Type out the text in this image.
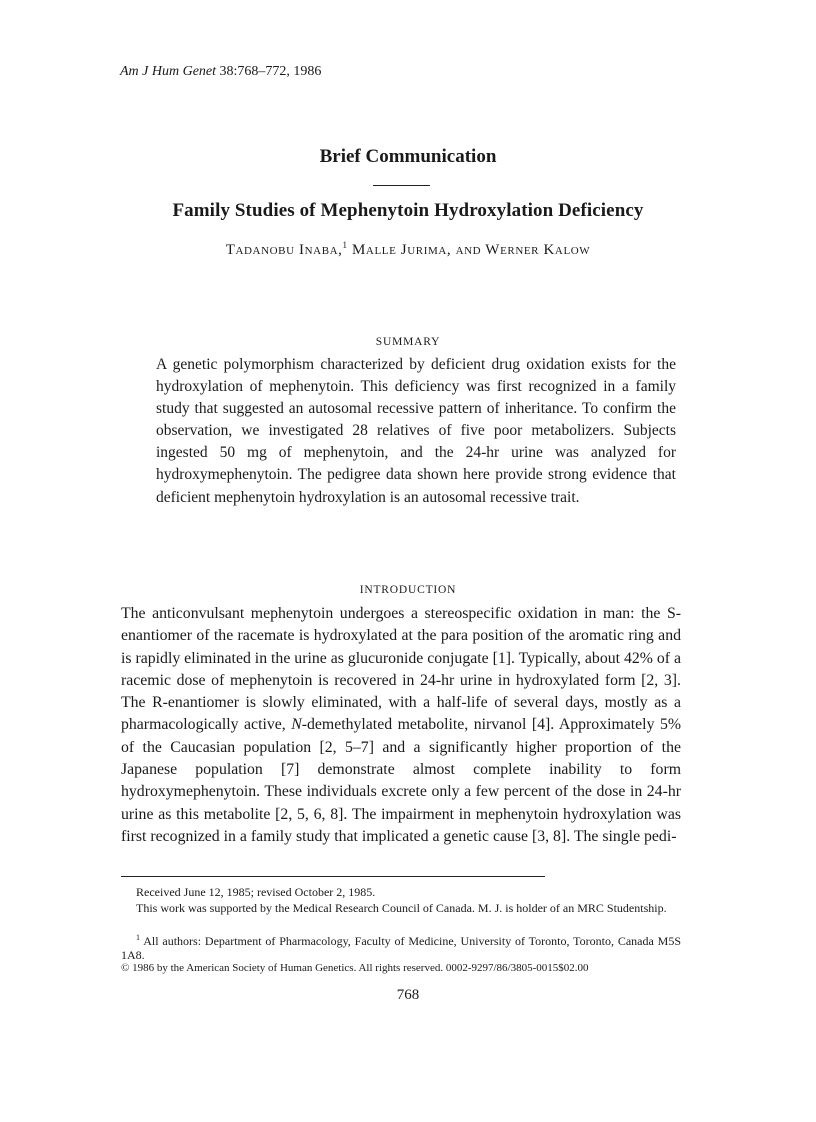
Am J Hum Genet 38:768–772, 1986
Brief Communication
Family Studies of Mephenytoin Hydroxylation Deficiency
Tadanobu Inaba,$^1$ Malle Jurima, and Werner Kalow
SUMMARY

A genetic polymorphism characterized by deficient drug oxidation exists for the hydroxylation of mephenytoin. This deficiency was first recognized in a family study that suggested an autosomal recessive pattern of inheritance. To confirm the observation, we investigated 28 relatives of five poor metabolizers. Subjects ingested 50 mg of mephenytoin, and the 24-hr urine was analyzed for hydroxymephenytoin. The pedigree data shown here provide strong evidence that deficient mephenytoin hydroxylation is an autosomal recessive trait.

INTRODUCTION

The anticonvulsant mephenytoin undergoes a stereospecific oxidation in man: the S-enantiomer of the racemate is hydroxylated at the para position of the aromatic ring and is rapidly eliminated in the urine as glucuronide conjugate [1]. Typically, about 42% of a racemic dose of mephenytoin is recovered in 24-hr urine in hydroxylated form [2, 3]. The R-enantiomer is slowly eliminated, with a half-life of several days, mostly as a pharmacologically active, N-demethylated metabolite, nirvanol [4]. Approximately 5% of the Caucasian population [2, 5–7] and a significantly higher proportion of the Japanese population [7] demonstrate almost complete inability to form hydroxymephenytoin. These individuals excrete only a few percent of the dose in 24-hr urine as this metabolite [2, 5, 6, 8]. The impairment in mephenytoin hydroxylation was first recognized in a family study that implicated a genetic cause [3, 8]. The single pedi-

Received June 12, 1985; revised October 2, 1985.
This work was supported by the Medical Research Council of Canada. M. J. is holder of an MRC Studentship.
$^1$ All authors: Department of Pharmacology, Faculty of Medicine, University of Toronto, Toronto, Canada M5S 1A8.
© 1986 by the American Society of Human Genetics. All rights reserved. 0002-9297/86/3805-0015$02.00
768
